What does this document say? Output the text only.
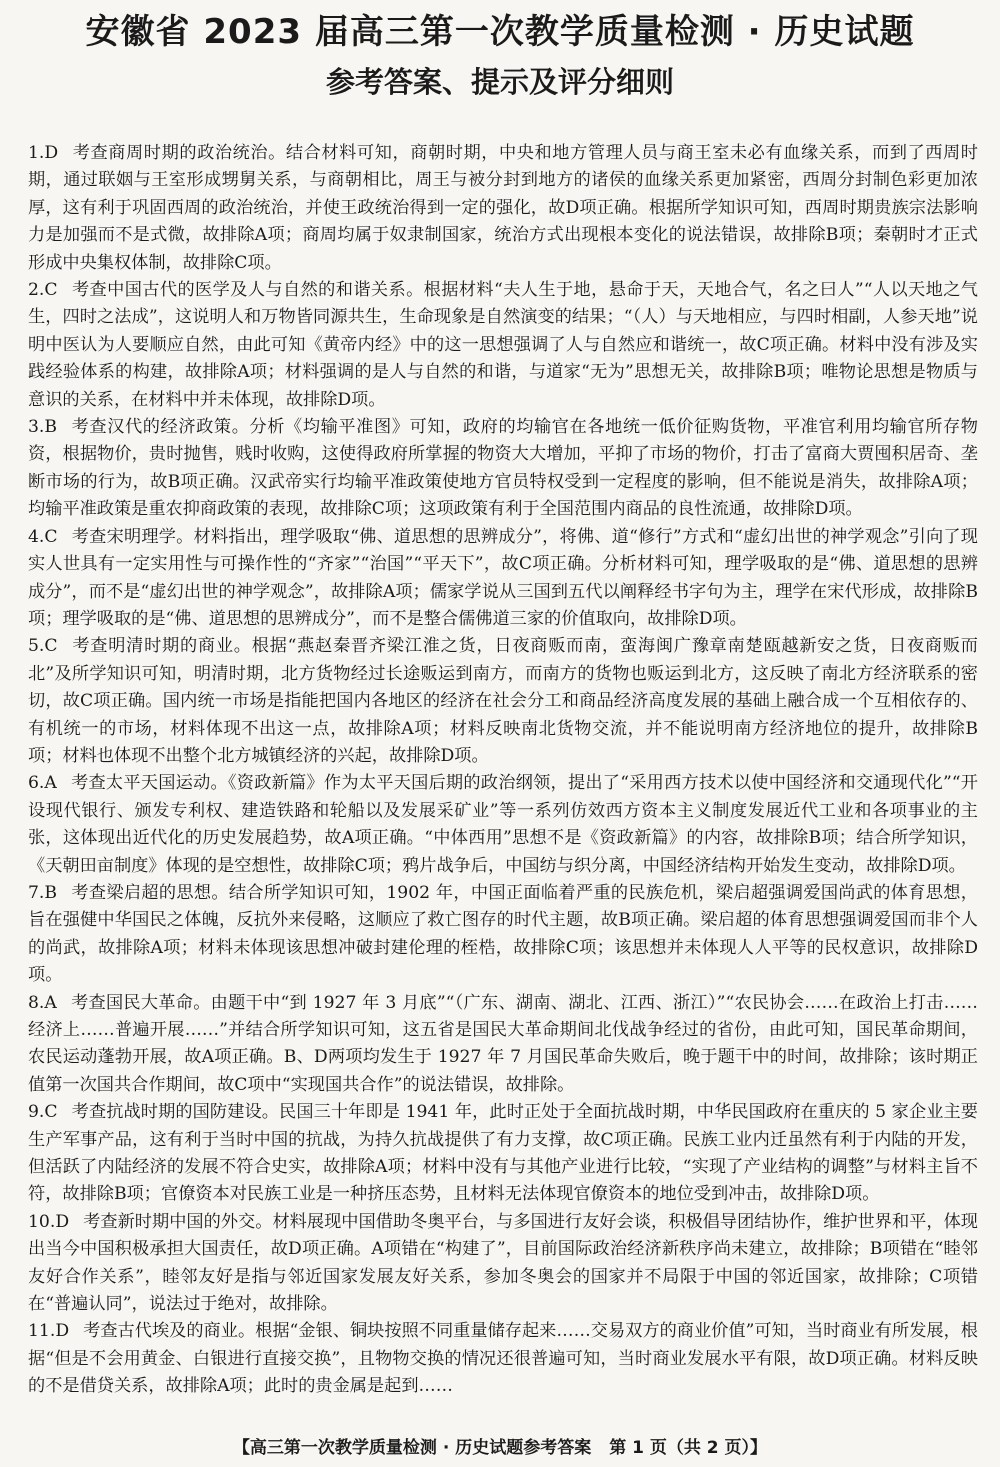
安徽省 2023 届高三第一次教学质量检测 · 历史试题
参考答案、提示及评分细则

1.D 考查商周时期的政治统治。结合材料可知，商朝时期，中央和地方管理人员与商王室未必有血缘关系，而到了西周时期，通过联姻与王室形成甥舅关系，与商朝相比，周王与被分封到地方的诸侯的血缘关系更加紧密，西周分封制色彩更加浓厚，这有利于巩固西周的政治统治，并使王政统治得到一定的强化，故D项正确。根据所学知识可知，西周时期贵族宗法影响力是加强而不是式微，故排除A项；商周均属于奴隶制国家，统治方式出现根本变化的说法错误，故排除B项；秦朝时才正式形成中央集权体制，故排除C项。

2.C 考查中国古代的医学及人与自然的和谐关系。根据材料“夫人生于地，悬命于天，天地合气，名之曰人”“人以天地之气生，四时之法成”，这说明人和万物皆同源共生，生命现象是自然演变的结果；“（人）与天地相应，与四时相副，人参天地”说明中医认为人要顺应自然，由此可知《黄帝内经》中的这一思想强调了人与自然应和谐统一，故C项正确。材料中没有涉及实践经验体系的构建，故排除A项；材料强调的是人与自然的和谐，与道家“无为”思想无关，故排除B项；唯物论思想是物质与意识的关系，在材料中并未体现，故排除D项。

3.B 考查汉代的经济政策。分析《均输平准图》可知，政府的均输官在各地统一低价征购货物，平准官利用均输官所存物资，根据物价，贵时抛售，贱时收购，这使得政府所掌握的物资大大增加，平抑了市场的物价，打击了富商大贾囤积居奇、垄断市场的行为，故B项正确。汉武帝实行均输平准政策使地方官员特权受到一定程度的影响，但不能说是消失，故排除A项；均输平准政策是重农抑商政策的表现，故排除C项；这项政策有利于全国范围内商品的良性流通，故排除D项。

4.C 考查宋明理学。材料指出，理学吸取“佛、道思想的思辨成分”，将佛、道“修行”方式和“虚幻出世的神学观念”引向了现实人世具有一定实用性与可操作性的“齐家”“治国”“平天下”，故C项正确。分析材料可知，理学吸取的是“佛、道思想的思辨成分”，而不是“虚幻出世的神学观念”，故排除A项；儒家学说从三国到五代以阐释经书字句为主，理学在宋代形成，故排除B项；理学吸取的是“佛、道思想的思辨成分”，而不是整合儒佛道三家的价值取向，故排除D项。

5.C 考查明清时期的商业。根据“燕赵秦晋齐梁江淮之货，日夜商贩而南，蛮海闽广豫章南楚瓯越新安之货，日夜商贩而北”及所学知识可知，明清时期，北方货物经过长途贩运到南方，而南方的货物也贩运到北方，这反映了南北方经济联系的密切，故C项正确。国内统一市场是指能把国内各地区的经济在社会分工和商品经济高度发展的基础上融合成一个互相依存的、有机统一的市场，材料体现不出这一点，故排除A项；材料反映南北货物交流，并不能说明南方经济地位的提升，故排除B项；材料也体现不出整个北方城镇经济的兴起，故排除D项。

6.A 考查太平天国运动。《资政新篇》作为太平天国后期的政治纲领，提出了“采用西方技术以使中国经济和交通现代化”“开设现代银行、颁发专利权、建造铁路和轮船以及发展采矿业”等一系列仿效西方资本主义制度发展近代工业和各项事业的主张，这体现出近代化的历史发展趋势，故A项正确。“中体西用”思想不是《资政新篇》的内容，故排除B项；结合所学知识，《天朝田亩制度》体现的是空想性，故排除C项；鸦片战争后，中国纺与织分离，中国经济结构开始发生变动，故排除D项。

7.B 考查梁启超的思想。结合所学知识可知，1902 年，中国正面临着严重的民族危机，梁启超强调爱国尚武的体育思想，旨在强健中华国民之体魄，反抗外来侵略，这顺应了救亡图存的时代主题，故B项正确。梁启超的体育思想强调爱国而非个人的尚武，故排除A项；材料未体现该思想冲破封建伦理的桎梏，故排除C项；该思想并未体现人人平等的民权意识，故排除D项。

8.A 考查国民大革命。由题干中“到 1927 年 3 月底”“（广东、湖南、湖北、江西、浙江）”“农民协会……在政治上打击……经济上……普遍开展……”并结合所学知识可知，这五省是国民大革命期间北伐战争经过的省份，由此可知，国民革命期间，农民运动蓬勃开展，故A项正确。B、D两项均发生于 1927 年 7 月国民革命失败后，晚于题干中的时间，故排除；该时期正值第一次国共合作期间，故C项中“实现国共合作”的说法错误，故排除。

9.C 考查抗战时期的国防建设。民国三十年即是 1941 年，此时正处于全面抗战时期，中华民国政府在重庆的 5 家企业主要生产军事产品，这有利于当时中国的抗战，为持久抗战提供了有力支撑，故C项正确。民族工业内迁虽然有利于内陆的开发，但活跃了内陆经济的发展不符合史实，故排除A项；材料中没有与其他产业进行比较，“实现了产业结构的调整”与材料主旨不符，故排除B项；官僚资本对民族工业是一种挤压态势，且材料无法体现官僚资本的地位受到冲击，故排除D项。

10.D 考查新时期中国的外交。材料展现中国借助冬奥平台，与多国进行友好会谈，积极倡导团结协作，维护世界和平，体现出当今中国积极承担大国责任，故D项正确。A项错在“构建了”，目前国际政治经济新秩序尚未建立，故排除；B项错在“睦邻友好合作关系”，睦邻友好是指与邻近国家发展友好关系，参加冬奥会的国家并不局限于中国的邻近国家，故排除；C项错在“普遍认同”，说法过于绝对，故排除。

11.D 考查古代埃及的商业。根据“金银、铜块按照不同重量储存起来……交易双方的商业价值”可知，当时商业有所发展，根据“但是不会用黄金、白银进行直接交换”，且物物交换的情况还很普遍可知，当时商业发展水平有限，故D项正确。材料反映的不是借贷关系，故排除A项；此时的贵金属是起到……

【高三第一次教学质量检测 · 历史试题参考答案 第 1 页（共 2 页）】
